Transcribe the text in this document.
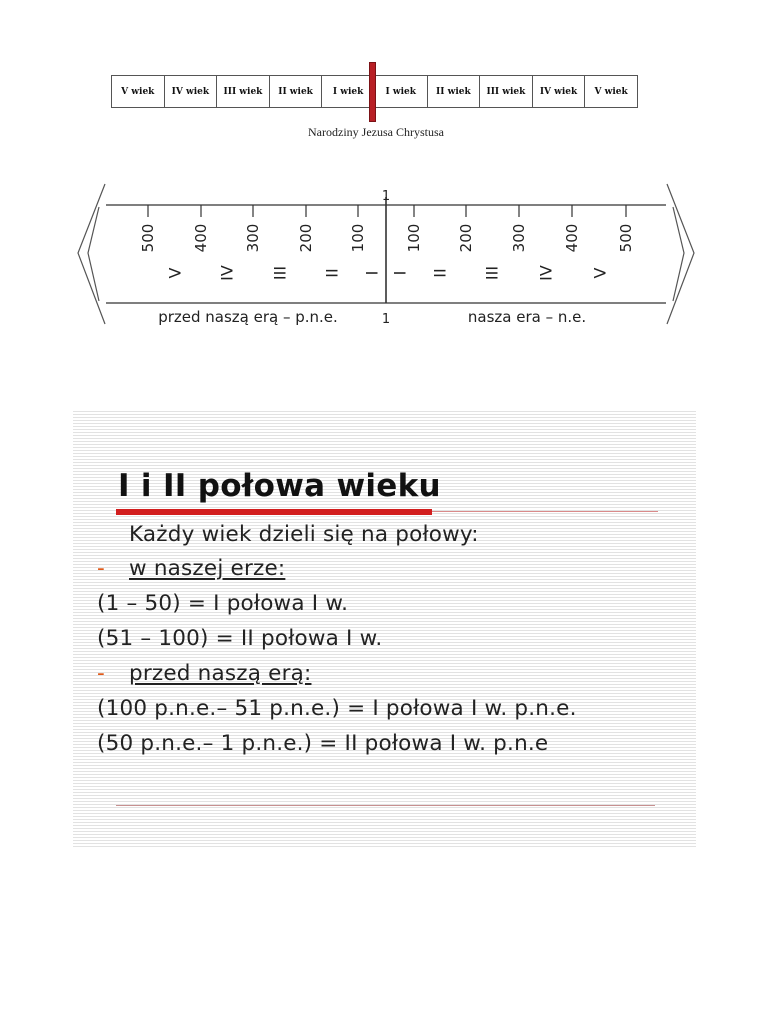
V wiek	IV wiek	III wiek	II wiek	I wiek	I wiek	II wiek	III wiek	IV wiek	V wiek
Narodziny Jezusa Chrystusa
500 400 300 200 100	100 200 300 400 500
V IV III II I I II III IV V
1
1
przed naszą erą – p.n.e.	nasza era – n.e.
I i II połowa wieku

Każdy wiek dzieli się na połowy:

- w naszej erze:

(1 – 50) = I połowa I w.

(51 – 100) = II połowa I w.

- przed naszą erą:

(100 p.n.e.– 51 p.n.e.) = I połowa I w. p.n.e.

(50 p.n.e.– 1 p.n.e.) = II połowa I w. p.n.e
